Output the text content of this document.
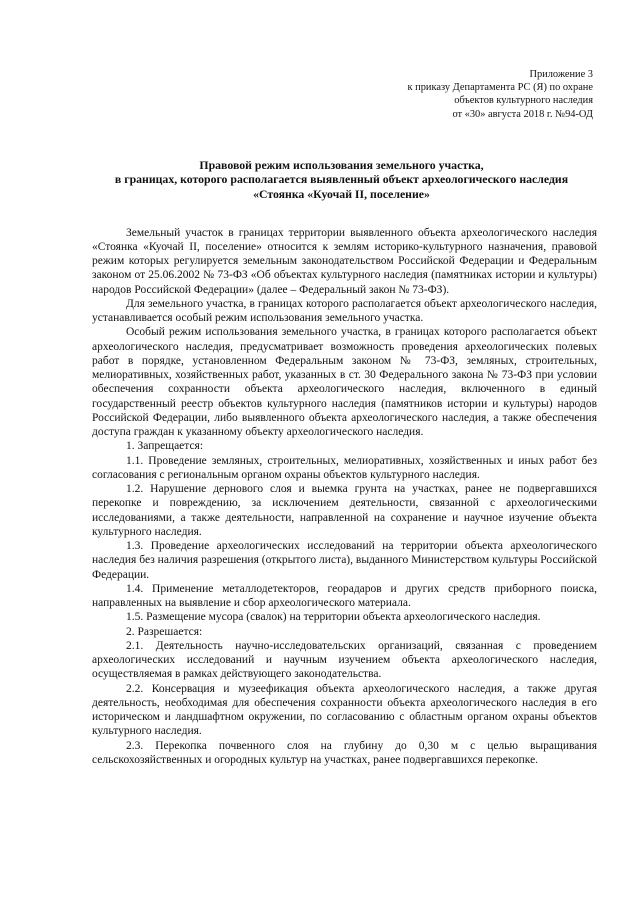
Приложение 3
к приказу Департамента РС (Я) по охране
объектов культурного наследия
от «30» августа 2018 г. №94-ОД
Правовой режим использования земельного участка,
в границах, которого располагается выявленный объект археологического наследия
«Стоянка «Куочай II, поселение»

Земельный участок в границах территории выявленного объекта археологического наследия «Стоянка «Куочай II, поселение» относится к землям историко-культурного назначения, правовой режим которых регулируется земельным законодательством Российской Федерации и Федеральным законом от 25.06.2002 № 73-ФЗ «Об объектах культурного наследия (памятниках истории и культуры) народов Российской Федерации» (далее – Федеральный закон № 73-ФЗ).

Для земельного участка, в границах которого располагается объект археологического наследия, устанавливается особый режим использования земельного участка.

Особый режим использования земельного участка, в границах которого располагается объект археологического наследия, предусматривает возможность проведения археологических полевых работ в порядке, установленном Федеральным законом № 73-ФЗ, земляных, строительных, мелиоративных, хозяйственных работ, указанных в ст. 30 Федерального закона № 73-ФЗ при условии обеспечения сохранности объекта археологического наследия, включенного в единый государственный реестр объектов культурного наследия (памятников истории и культуры) народов Российской Федерации, либо выявленного объекта археологического наследия, а также обеспечения доступа граждан к указанному объекту археологического наследия.

1. Запрещается:

1.1. Проведение земляных, строительных, мелиоративных, хозяйственных и иных работ без согласования с региональным органом охраны объектов культурного наследия.

1.2. Нарушение дернового слоя и выемка грунта на участках, ранее не подвергавшихся перекопке и повреждению, за исключением деятельности, связанной с археологическими исследованиями, а также деятельности, направленной на сохранение и научное изучение объекта культурного наследия.

1.3. Проведение археологических исследований на территории объекта археологического наследия без наличия разрешения (открытого листа), выданного Министерством культуры Российской Федерации.

1.4. Применение металлодетекторов, георадаров и других средств приборного поиска, направленных на выявление и сбор археологического материала.

1.5. Размещение мусора (свалок) на территории объекта археологического наследия.

2. Разрешается:

2.1. Деятельность научно-исследовательских организаций, связанная с проведением археологических исследований и научным изучением объекта археологического наследия, осуществляемая в рамках действующего законодательства.

2.2. Консервация и музеефикация объекта археологического наследия, а также другая деятельность, необходимая для обеспечения сохранности объекта археологического наследия в его историческом и ландшафтном окружении, по согласованию с областным органом охраны объектов культурного наследия.

2.3. Перекопка почвенного слоя на глубину до 0,30 м с целью выращивания сельскохозяйственных и огородных культур на участках, ранее подвергавшихся перекопке.
